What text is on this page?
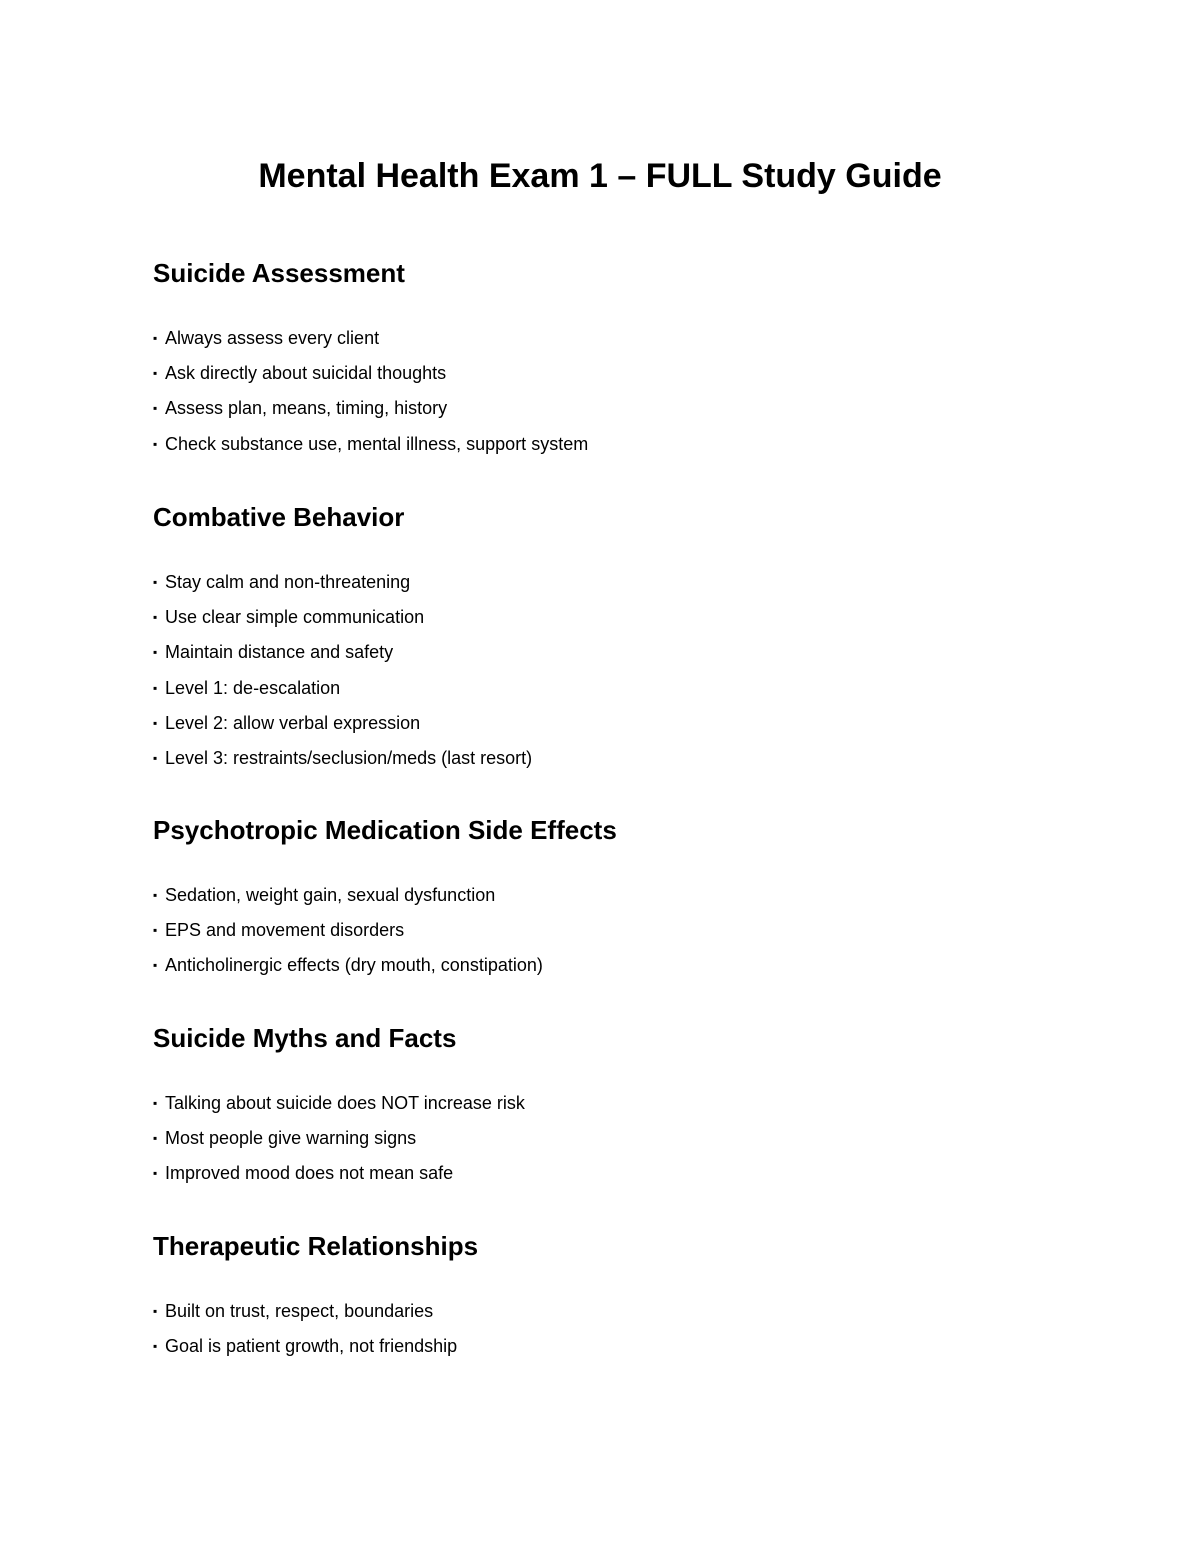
Mental Health Exam 1 – FULL Study Guide
Suicide Assessment
▪ Always assess every client
▪ Ask directly about suicidal thoughts
▪ Assess plan, means, timing, history
▪ Check substance use, mental illness, support system
Combative Behavior
▪ Stay calm and non-threatening
▪ Use clear simple communication
▪ Maintain distance and safety
▪ Level 1: de-escalation
▪ Level 2: allow verbal expression
▪ Level 3: restraints/seclusion/meds (last resort)
Psychotropic Medication Side Effects
▪ Sedation, weight gain, sexual dysfunction
▪ EPS and movement disorders
▪ Anticholinergic effects (dry mouth, constipation)
Suicide Myths and Facts
▪ Talking about suicide does NOT increase risk
▪ Most people give warning signs
▪ Improved mood does not mean safe
Therapeutic Relationships
▪ Built on trust, respect, boundaries
▪ Goal is patient growth, not friendship
